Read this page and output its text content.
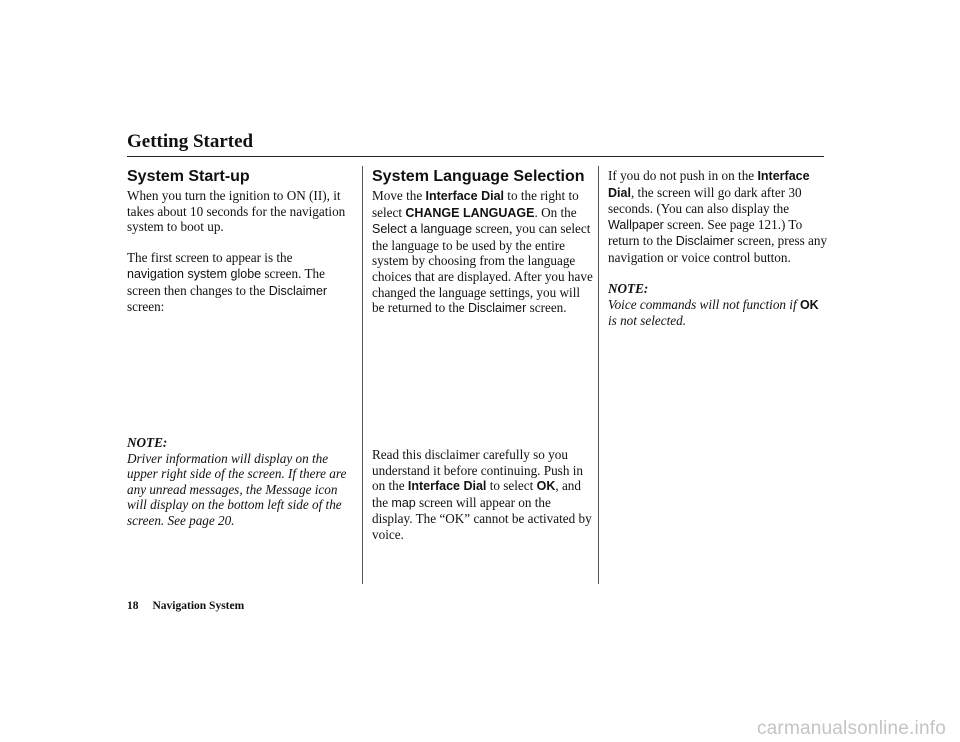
Getting Started
System Start-up

When you turn the ignition to ON (II), it takes about 10 seconds for the navigation system to boot up.

The first screen to appear is the navigation system globe screen. The screen then changes to the Disclaimer screen:

NOTE:
Driver information will display on the upper right side of the screen. If there are any unread messages, the Message icon will display on the bottom left side of the screen. See page 20.

System Language Selection

Move the Interface Dial to the right to select CHANGE LANGUAGE. On the Select a language screen, you can select the language to be used by the entire system by choosing from the language choices that are displayed. After you have changed the language settings, you will be returned to the Disclaimer screen.

Read this disclaimer carefully so you understand it before continuing. Push in on the Interface Dial to select OK, and the map screen will appear on the display. The “OK” cannot be activated by voice.

If you do not push in on the Interface Dial, the screen will go dark after 30 seconds. (You can also display the Wallpaper screen. See page 121.) To return to the Disclaimer screen, press any navigation or voice control button.

NOTE:
Voice commands will not function if OK is not selected.

18 Navigation System
carmanualsonline.info
